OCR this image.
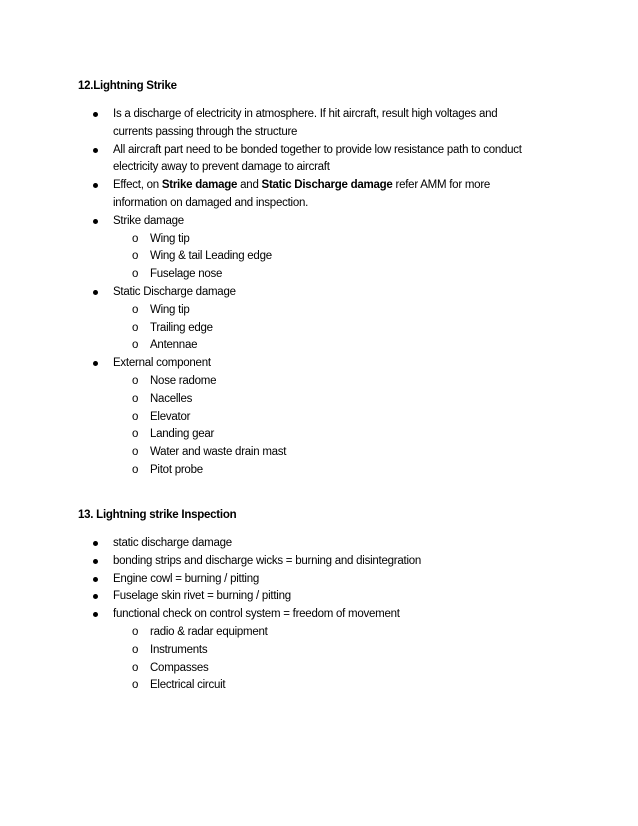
12.Lightning Strike
Is a discharge of electricity in atmosphere. If hit aircraft, result high voltages and currents passing through the structure
All aircraft part need to be bonded together to provide low resistance path to conduct electricity away to prevent damage to aircraft
Effect, on Strike damage and Static Discharge damage refer AMM for more information on damaged and inspection.
Strike damage
o Wing tip
o Wing & tail Leading edge
o Fuselage nose
Static Discharge damage
o Wing tip
o Trailing edge
o Antennae
External component
o Nose radome
o Nacelles
o Elevator
o Landing gear
o Water and waste drain mast
o Pitot probe
13. Lightning strike Inspection
static discharge damage
bonding strips and discharge wicks = burning and disintegration
Engine cowl = burning / pitting
Fuselage skin rivet = burning / pitting
functional check on control system = freedom of movement
o radio & radar equipment
o Instruments
o Compasses
o Electrical circuit
